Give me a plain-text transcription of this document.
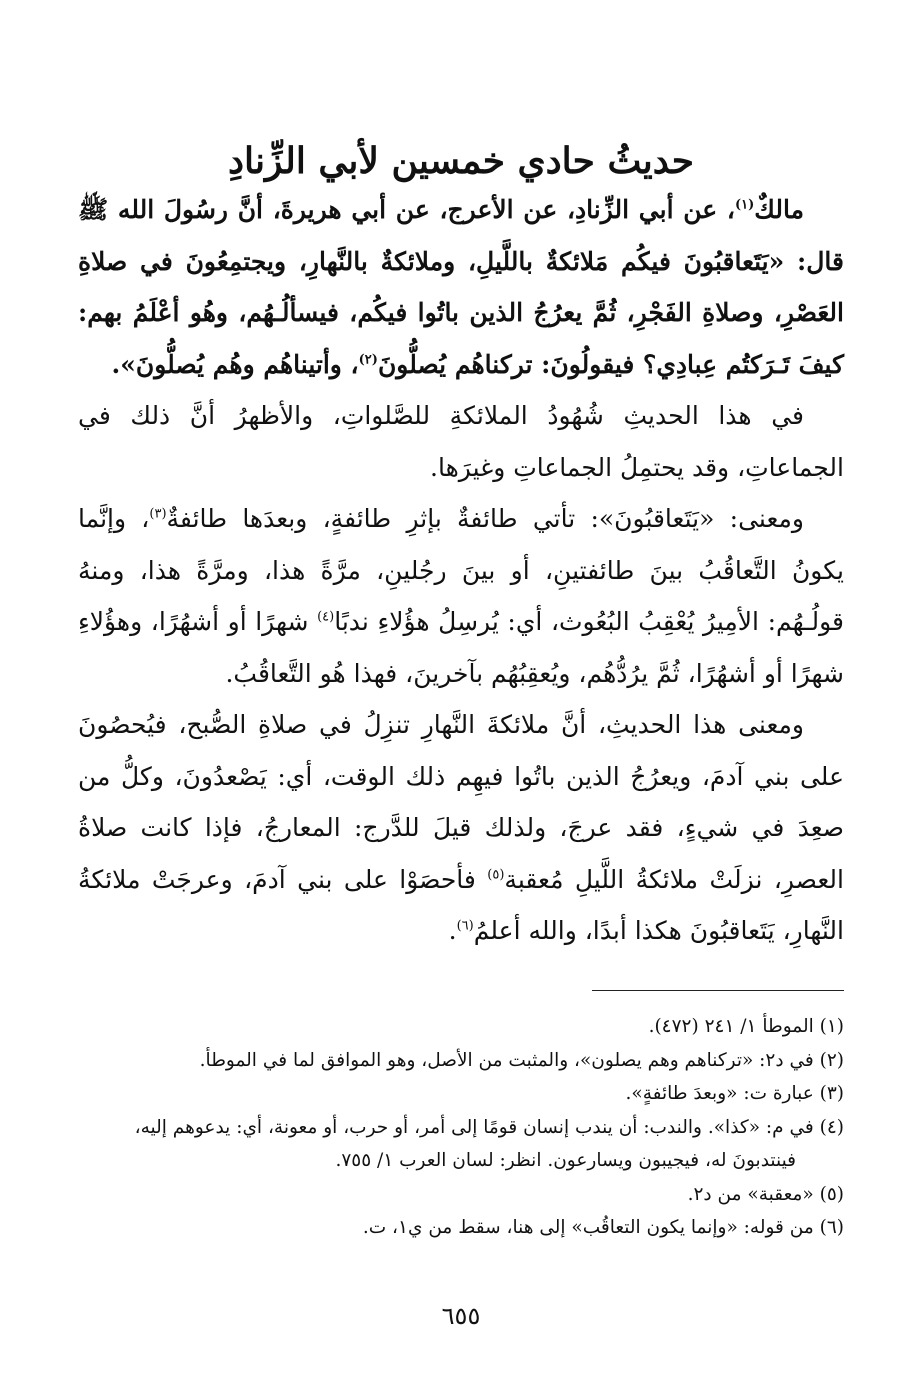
حديثُ حادي خمسين لأبي الزِّنادِ

مالكٌ$^{(١)}$، عن أبي الزِّنادِ، عن الأعرج، عن أبي هريرةَ، أنَّ رسُولَ الله ﷺ قال: «يَتَعاقبُونَ فيكُم مَلائكةٌ باللَّيلِ، وملائكةٌ بالنَّهارِ، ويجتمِعُونَ في صلاةِ العَصْرِ، وصلاةِ الفَجْرِ، ثُمَّ يعرُجُ الذين باتُوا فيكُم، فيسألُـهُم، وهُو أعْلَمُ بهم: كيفَ تَـرَكتُم عِبادِي؟ فيقولُونَ: تركناهُم يُصلُّونَ$^{(٢)}$، وأتيناهُم وهُم يُصلُّونَ».

في هذا الحديثِ شُهُودُ الملائكةِ للصَّلواتِ، والأظهرُ أنَّ ذلك في الجماعاتِ، وقد يحتمِلُ الجماعاتِ وغيرَها.

ومعنى: «يَتَعاقبُونَ»: تأتي طائفةٌ بإثرِ طائفةٍ، وبعدَها طائفةٌ$^{(٣)}$، وإنَّما يكونُ التَّعاقُبُ بينَ طائفتينِ، أو بينَ رجُلينِ، مرَّةً هذا، ومرَّةً هذا، ومنهُ قولُـهُم: الأمِيرُ يُعْقِبُ البُعُوث، أي: يُرسِلُ هؤُلاءِ ندبًا$^{(٤)}$ شهرًا أو أشهُرًا، وهؤُلاءِ شهرًا أو أشهُرًا، ثُمَّ يرُدُّهُم، ويُعقِبُهُم بآخرينَ، فهذا هُو التَّعاقُبُ.

ومعنى هذا الحديثِ، أنَّ ملائكةَ النَّهارِ تنزِلُ في صلاةِ الصُّبح، فيُحصُونَ على بني آدمَ، ويعرُجُ الذين باتُوا فيهِم ذلك الوقت، أي: يَصْعدُونَ، وكلُّ من صعِدَ في شيءٍ، فقد عرجَ، ولذلك قيلَ للدَّرج: المعارجُ، فإذا كانت صلاةُ العصرِ، نزلَتْ ملائكةُ اللَّيلِ مُعقبة$^{(٥)}$ فأحصَوْا على بني آدمَ، وعرجَتْ ملائكةُ النَّهارِ، يَتَعاقبُونَ هكذا أبدًا، والله أعلمُ$^{(٦)}$.

(١) الموطأ ١/ ٢٤١ (٤٧٢).
(٢) في د٢: «تركناهم وهم يصلون»، والمثبت من الأصل، وهو الموافق لما في الموطأ.
(٣) عبارة ت: «وبعدَ طائفةٍ».
(٤) في م: «كذا». والندب: أن يندب إنسان قومًا إلى أمر، أو حرب، أو معونة، أي: يدعوهم إليه،
فينتدبونَ له، فيجيبون ويسارعون. انظر: لسان العرب ١/ ٧٥٥.
(٥) «معقبة» من د٢.
(٦) من قوله: «وإنما يكون التعاقُب» إلى هنا، سقط من ي١، ت.
٦٥٥
